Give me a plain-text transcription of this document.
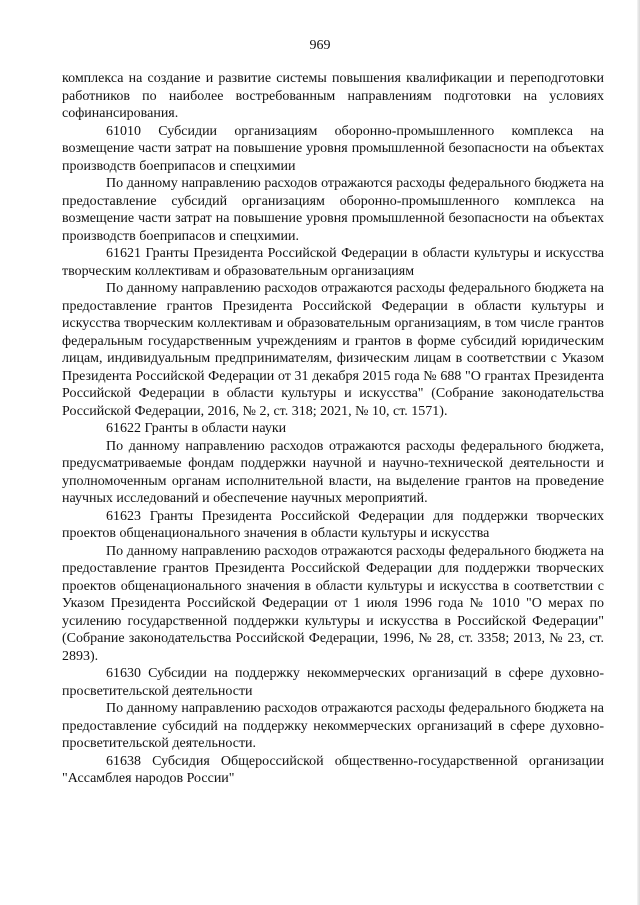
969

комплекса на создание и развитие системы повышения квалификации и переподготовки работников по наиболее востребованным направлениям подготовки на условиях софинансирования.

61010 Субсидии организациям оборонно-промышленного комплекса на возмещение части затрат на повышение уровня промышленной безопасности на объектах производств боеприпасов и спецхимии

По данному направлению расходов отражаются расходы федерального бюджета на предоставление субсидий организациям оборонно-промышленного комплекса на возмещение части затрат на повышение уровня промышленной безопасности на объектах производств боеприпасов и спецхимии.

61621 Гранты Президента Российской Федерации в области культуры и искусства творческим коллективам и образовательным организациям

По данному направлению расходов отражаются расходы федерального бюджета на предоставление грантов Президента Российской Федерации в области культуры и искусства творческим коллективам и образовательным организациям, в том числе грантов федеральным государственным учреждениям и грантов в форме субсидий юридическим лицам, индивидуальным предпринимателям, физическим лицам в соответствии с Указом Президента Российской Федерации от 31 декабря 2015 года № 688 "О грантах Президента Российской Федерации в области культуры и искусства" (Собрание законодательства Российской Федерации, 2016, № 2, ст. 318; 2021, № 10, ст. 1571).

61622 Гранты в области науки

По данному направлению расходов отражаются расходы федерального бюджета, предусматриваемые фондам поддержки научной и научно-технической деятельности и уполномоченным органам исполнительной власти, на выделение грантов на проведение научных исследований и обеспечение научных мероприятий.

61623 Гранты Президента Российской Федерации для поддержки творческих проектов общенационального значения в области культуры и искусства

По данному направлению расходов отражаются расходы федерального бюджета на предоставление грантов Президента Российской Федерации для поддержки творческих проектов общенационального значения в области культуры и искусства в соответствии с Указом Президента Российской Федерации от 1 июля 1996 года № 1010 "О мерах по усилению государственной поддержки культуры и искусства в Российской Федерации" (Собрание законодательства Российской Федерации, 1996, № 28, ст. 3358; 2013, № 23, ст. 2893).

61630 Субсидии на поддержку некоммерческих организаций в сфере духовно-просветительской деятельности

По данному направлению расходов отражаются расходы федерального бюджета на предоставление субсидий на поддержку некоммерческих организаций в сфере духовно-просветительской деятельности.

61638 Субсидия Общероссийской общественно-государственной организации "Ассамблея народов России"
